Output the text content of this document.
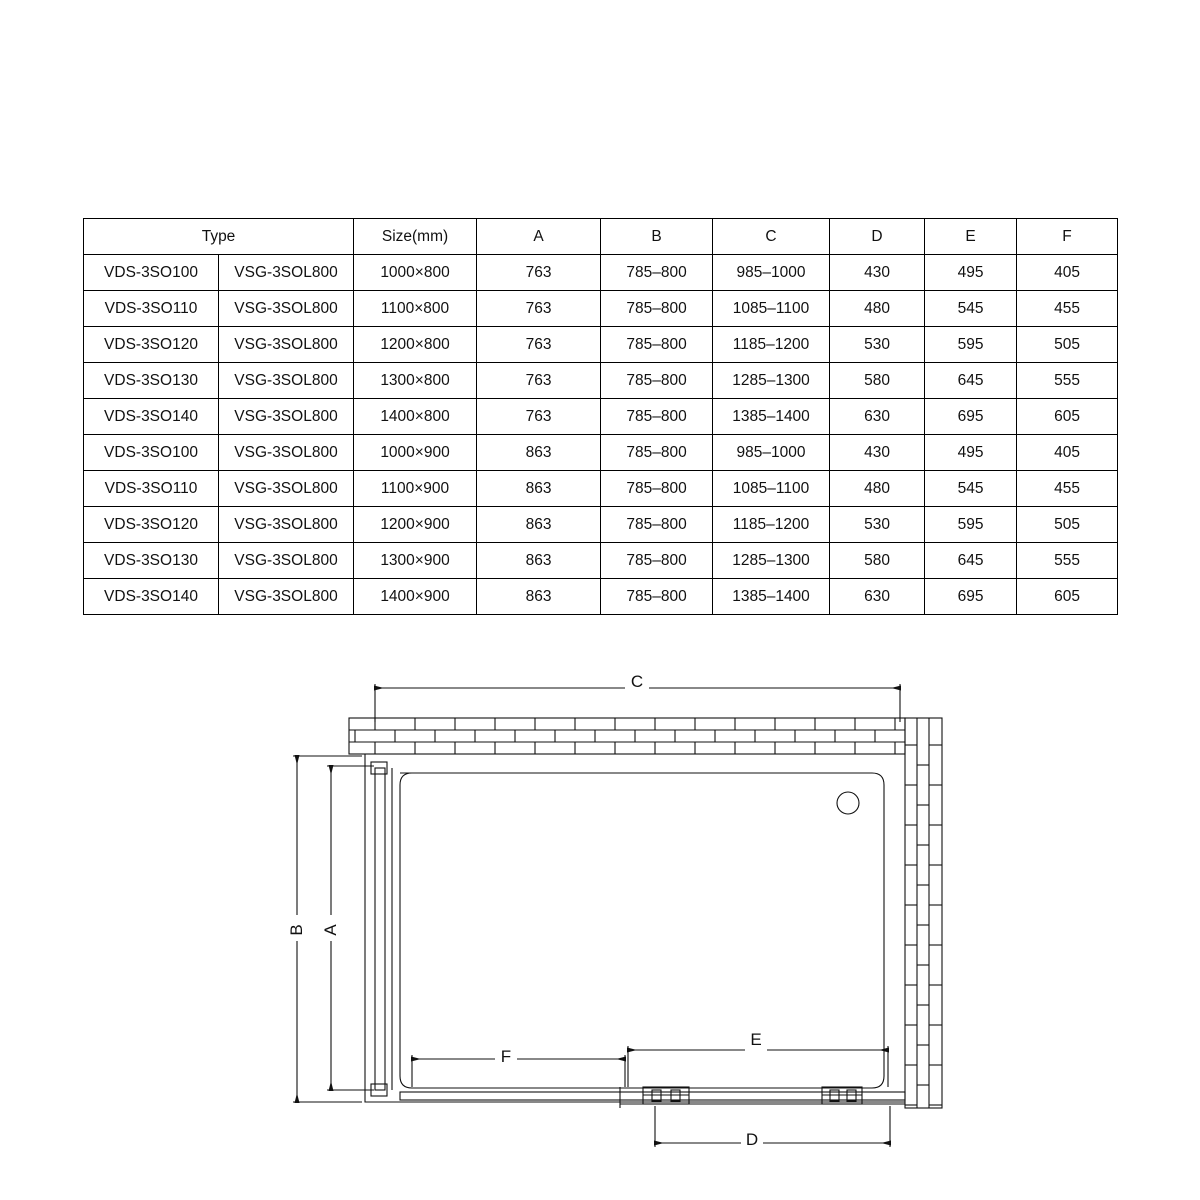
Type		Size(mm)	A	B	C	D	E	F
VDS-3SO100	VSG-3SOL800	1000×800	763	785–800	985–1000	430	495	405
VDS-3SO110	VSG-3SOL800	1100×800	763	785–800	1085–1100	480	545	455
VDS-3SO120	VSG-3SOL800	1200×800	763	785–800	1185–1200	530	595	505
VDS-3SO130	VSG-3SOL800	1300×800	763	785–800	1285–1300	580	645	555
VDS-3SO140	VSG-3SOL800	1400×800	763	785–800	1385–1400	630	695	605
VDS-3SO100	VSG-3SOL800	1000×900	863	785–800	985–1000	430	495	405
VDS-3SO110	VSG-3SOL800	1100×900	863	785–800	1085–1100	480	545	455
VDS-3SO120	VSG-3SOL800	1200×900	863	785–800	1185–1200	530	595	505
VDS-3SO130	VSG-3SOL800	1300×900	863	785–800	1285–1300	580	645	555
VDS-3SO140	VSG-3SOL800	1400×900	863	785–800	1385–1400	630	695	605
C
B A
F
E
D
